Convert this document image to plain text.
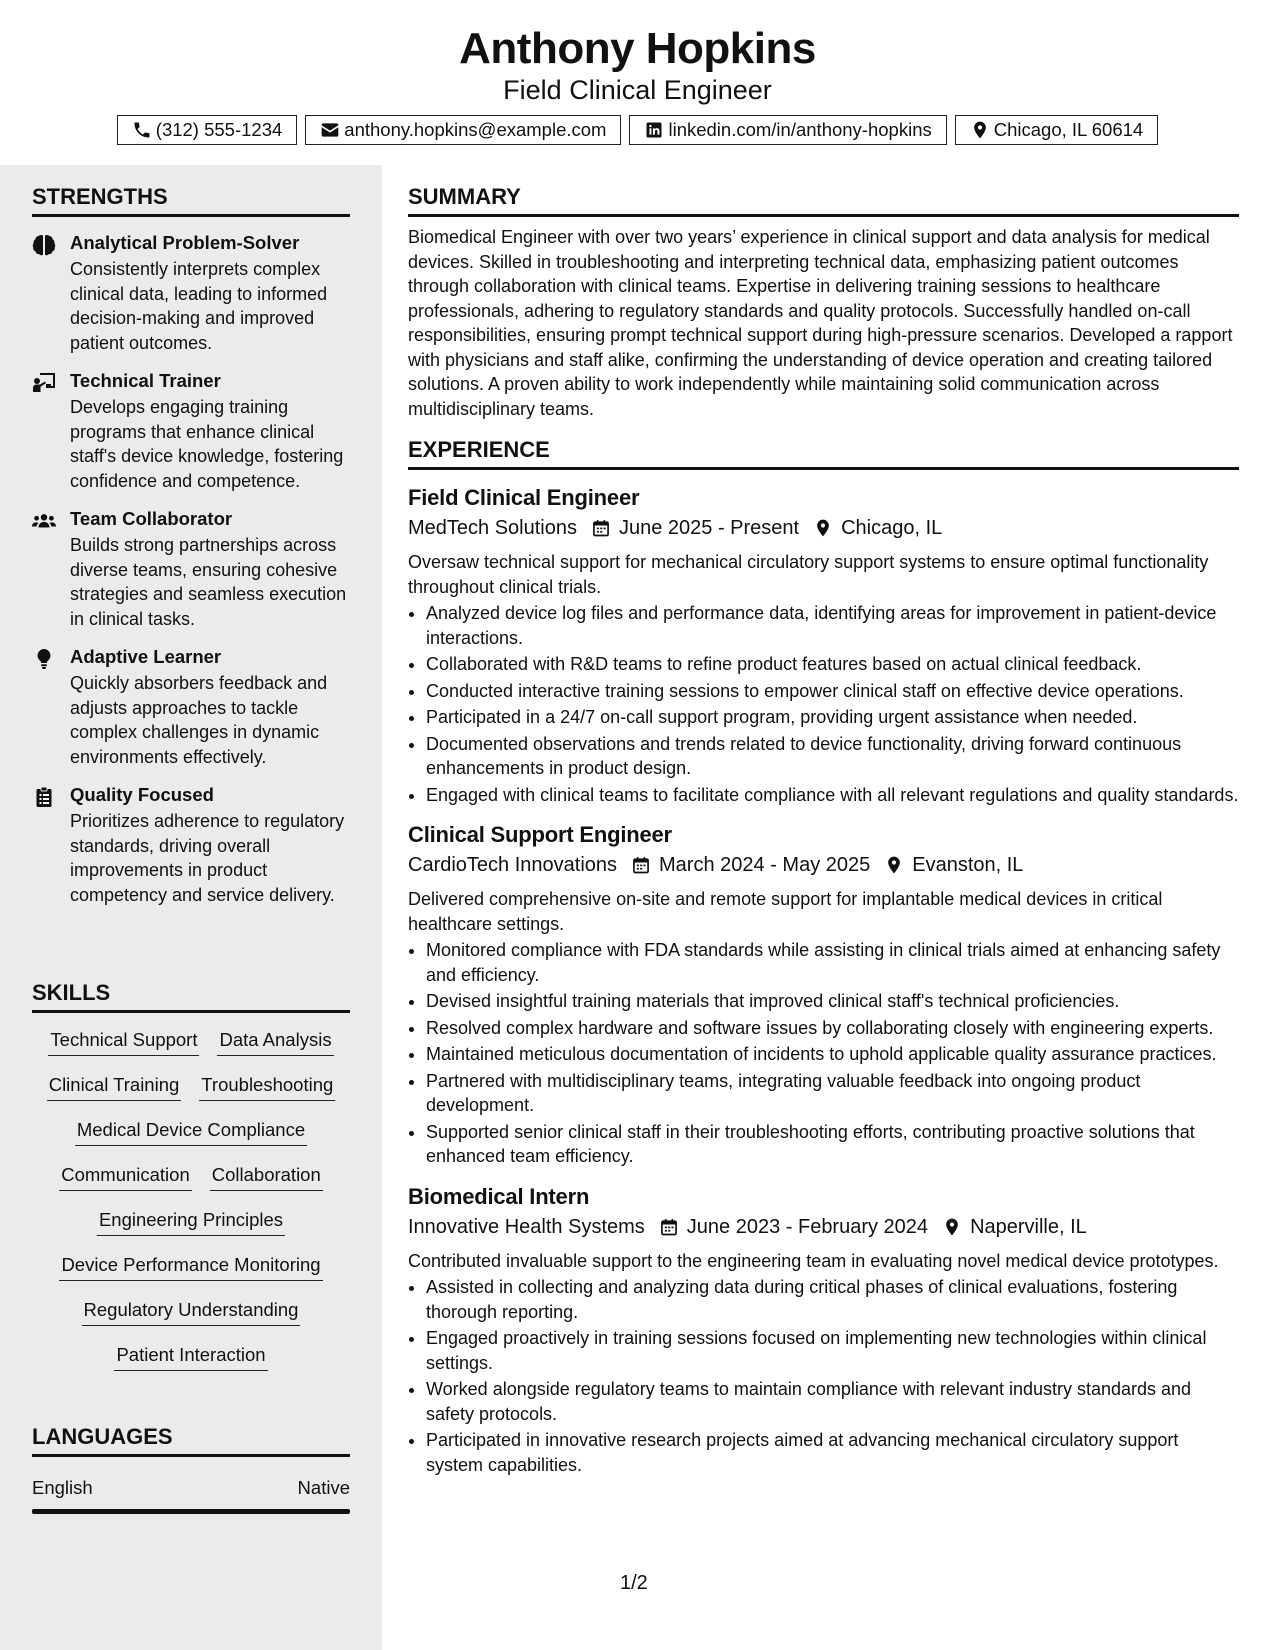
Anthony Hopkins
Field Clinical Engineer
(312) 555-1234	anthony.hopkins@example.com	linkedin.com/in/anthony-hopkins	Chicago, IL 60614
STRENGTHS
Analytical Problem-Solver
Consistently interprets complex clinical data, leading to informed decision-making and improved patient outcomes.
Technical Trainer
Develops engaging training programs that enhance clinical staff's device knowledge, fostering confidence and competence.
Team Collaborator
Builds strong partnerships across diverse teams, ensuring cohesive strategies and seamless execution in clinical tasks.
Adaptive Learner
Quickly absorbers feedback and adjusts approaches to tackle complex challenges in dynamic environments effectively.
Quality Focused
Prioritizes adherence to regulatory standards, driving overall improvements in product competency and service delivery.
SKILLS
Technical Support Data Analysis
Clinical Training Troubleshooting
Medical Device Compliance
Communication Collaboration
Engineering Principles
Device Performance Monitoring
Regulatory Understanding
Patient Interaction
LANGUAGES
English	Native
SUMMARY
Biomedical Engineer with over two years’ experience in clinical support and data analysis for medical devices. Skilled in troubleshooting and interpreting technical data, emphasizing patient outcomes through collaboration with clinical teams. Expertise in delivering training sessions to healthcare professionals, adhering to regulatory standards and quality protocols. Successfully handled on-call responsibilities, ensuring prompt technical support during high-pressure scenarios. Developed a rapport with physicians and staff alike, confirming the understanding of device operation and creating tailored solutions. A proven ability to work independently while maintaining solid communication across multidisciplinary teams.
EXPERIENCE
Field Clinical Engineer
MedTech Solutions June 2025 - Present Chicago, IL
Oversaw technical support for mechanical circulatory support systems to ensure optimal functionality throughout clinical trials.
• Analyzed device log files and performance data, identifying areas for improvement in patient-device interactions.
• Collaborated with R&D teams to refine product features based on actual clinical feedback.
• Conducted interactive training sessions to empower clinical staff on effective device operations.
• Participated in a 24/7 on-call support program, providing urgent assistance when needed.
• Documented observations and trends related to device functionality, driving forward continuous enhancements in product design.
• Engaged with clinical teams to facilitate compliance with all relevant regulations and quality standards.
Clinical Support Engineer
CardioTech Innovations March 2024 - May 2025 Evanston, IL
Delivered comprehensive on-site and remote support for implantable medical devices in critical healthcare settings.
• Monitored compliance with FDA standards while assisting in clinical trials aimed at enhancing safety and efficiency.
• Devised insightful training materials that improved clinical staff's technical proficiencies.
• Resolved complex hardware and software issues by collaborating closely with engineering experts.
• Maintained meticulous documentation of incidents to uphold applicable quality assurance practices.
• Partnered with multidisciplinary teams, integrating valuable feedback into ongoing product development.
• Supported senior clinical staff in their troubleshooting efforts, contributing proactive solutions that enhanced team efficiency.
Biomedical Intern
Innovative Health Systems June 2023 - February 2024 Naperville, IL
Contributed invaluable support to the engineering team in evaluating novel medical device prototypes.
• Assisted in collecting and analyzing data during critical phases of clinical evaluations, fostering thorough reporting.
• Engaged proactively in training sessions focused on implementing new technologies within clinical settings.
• Worked alongside regulatory teams to maintain compliance with relevant industry standards and safety protocols.
• Participated in innovative research projects aimed at advancing mechanical circulatory support system capabilities.
1/2
